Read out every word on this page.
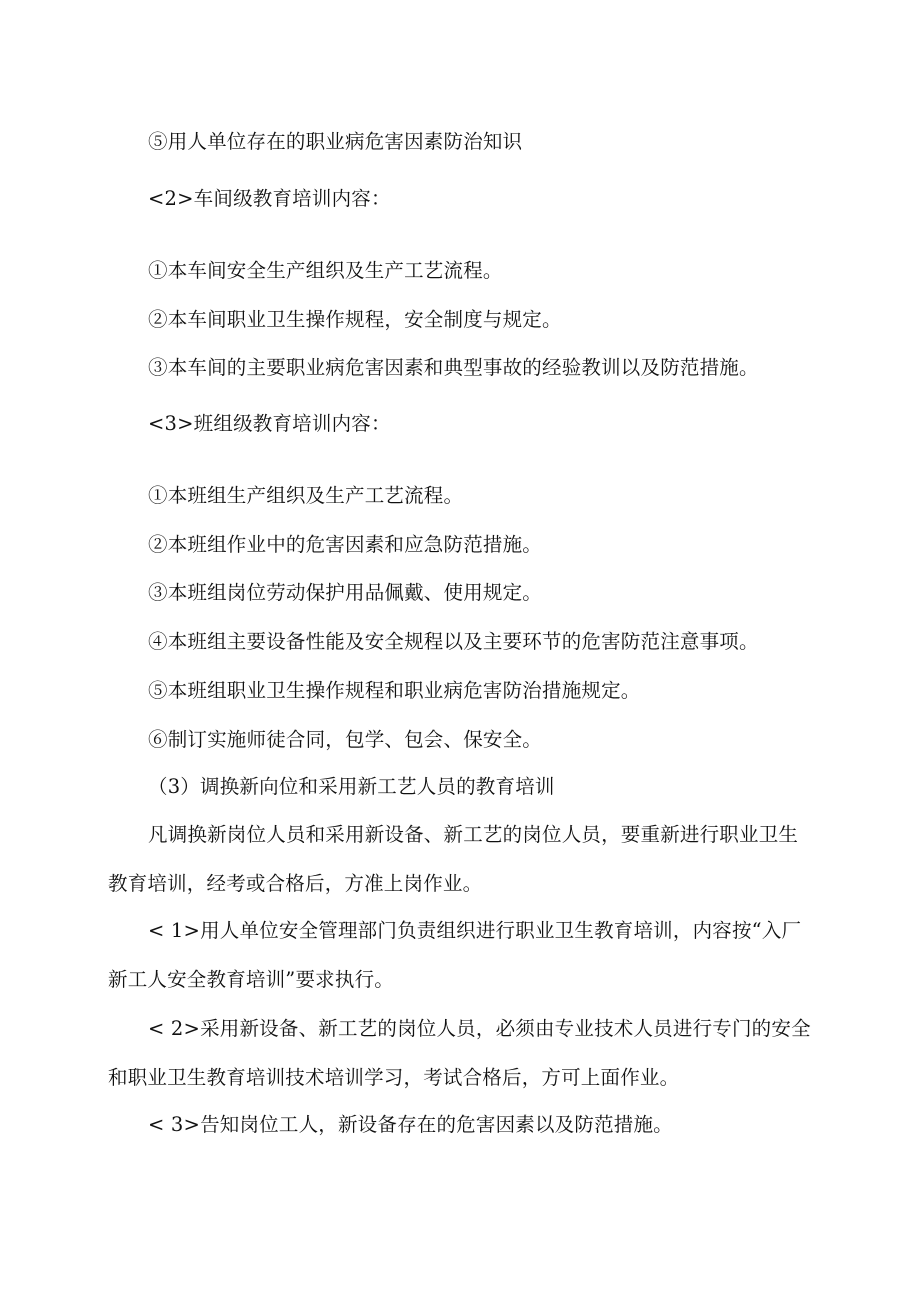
⑤用人单位存在的职业病危害因素防治知识

<2>车间级教育培训内容：

①本车间安全生产组织及生产工艺流程。

②本车间职业卫生操作规程，安全制度与规定。

③本车间的主要职业病危害因素和典型事故的经验教训以及防范措施。

<3>班组级教育培训内容：

①本班组生产组织及生产工艺流程。

②本班组作业中的危害因素和应急防范措施。

③本班组岗位劳动保护用品佩戴、使用规定。

④本班组主要设备性能及安全规程以及主要环节的危害防范注意事项。

⑤本班组职业卫生操作规程和职业病危害防治措施规定。

⑥制订实施师徒合同，包学、包会、保安全。

（3）调换新向位和采用新工艺人员的教育培训

凡调换新岗位人员和采用新设备、新工艺的岗位人员，要重新进行职业卫生

教育培训，经考或合格后，方准上岗作业。

< 1>用人单位安全管理部门负责组织进行职业卫生教育培训，内容按“入厂

新工人安全教育培训”要求执行。

< 2>采用新设备、新工艺的岗位人员，必须由专业技术人员进行专门的安全

和职业卫生教育培训技术培训学习，考试合格后，方可上面作业。

< 3>告知岗位工人，新设备存在的危害因素以及防范措施。
